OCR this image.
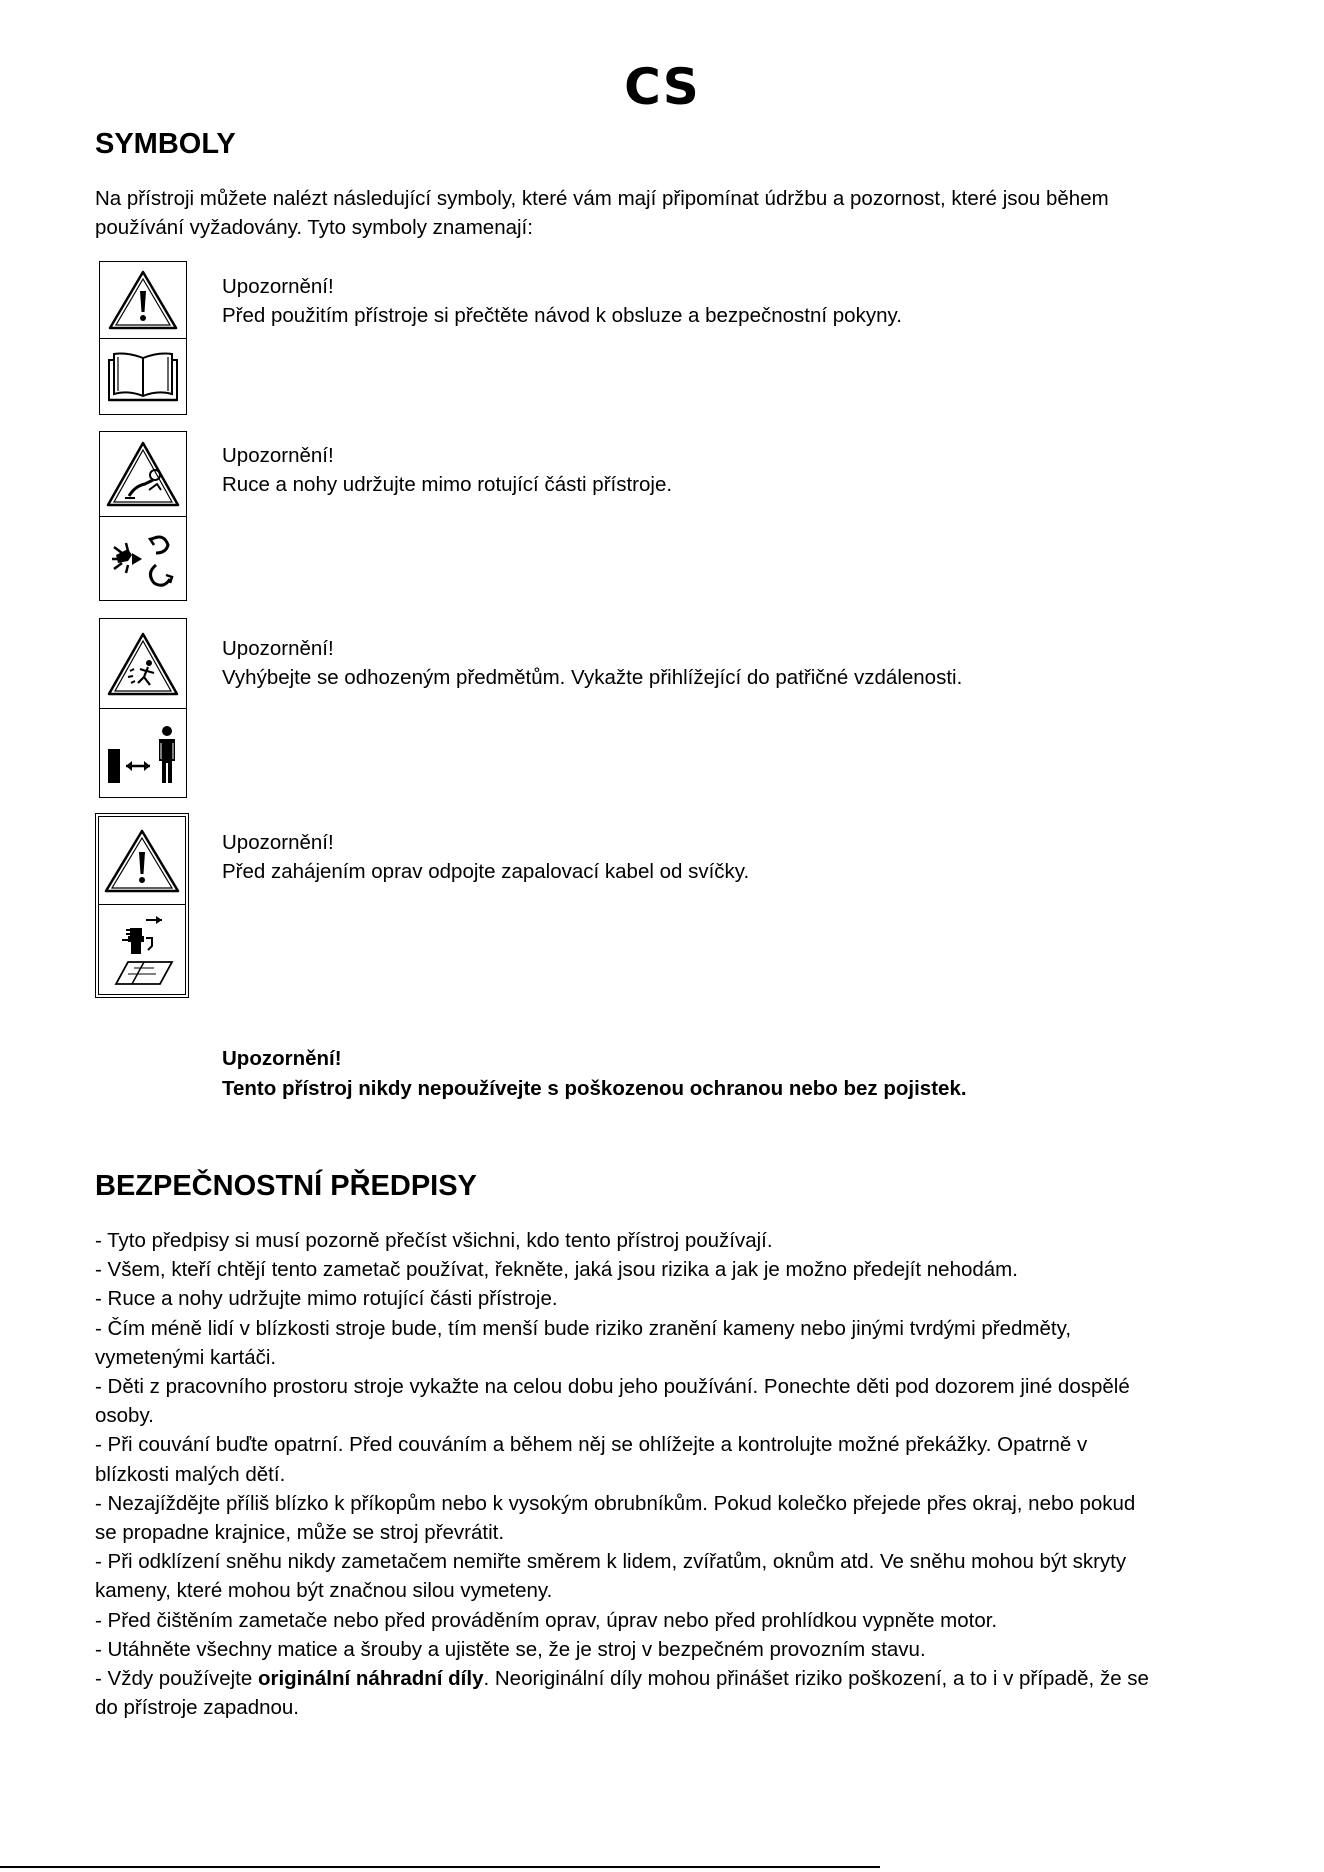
CS
SYMBOLY
Na přístroji můžete nalézt následující symboly, které vám mají připomínat údržbu a pozornost, které jsou během
používání vyžadovány. Tyto symboly znamenají:
Upozornění!
Před použitím přístroje si přečtěte návod k obsluze a bezpečnostní pokyny.
Upozornění!
Ruce a nohy udržujte mimo rotující části přístroje.
Upozornění!
Vyhýbejte se odhozeným předmětům. Vykažte přihlížející do patřičné vzdálenosti.
Upozornění!
Před zahájením oprav odpojte zapalovací kabel od svíčky.
Upozornění!
Tento přístroj nikdy nepoužívejte s poškozenou ochranou nebo bez pojistek.
BEZPEČNOSTNÍ PŘEDPISY
- Tyto předpisy si musí pozorně přečíst všichni, kdo tento přístroj používají.
- Všem, kteří chtějí tento zametač používat, řekněte, jaká jsou rizika a jak je možno předejít nehodám.
- Ruce a nohy udržujte mimo rotující části přístroje.
- Čím méně lidí v blízkosti stroje bude, tím menší bude riziko zranění kameny nebo jinými tvrdými předměty,
vymetenými kartáči.
- Děti z pracovního prostoru stroje vykažte na celou dobu jeho používání. Ponechte děti pod dozorem jiné dospělé
osoby.
- Při couvání buďte opatrní. Před couváním a během něj se ohlížejte a kontrolujte možné překážky. Opatrně v
blízkosti malých dětí.
- Nezajíždějte příliš blízko k příkopům nebo k vysokým obrubníkům. Pokud kolečko přejede přes okraj, nebo pokud
se propadne krajnice, může se stroj převrátit.
- Při odklízení sněhu nikdy zametačem nemiřte směrem k lidem, zvířatům, oknům atd. Ve sněhu mohou být skryty
kameny, které mohou být značnou silou vymeteny.
- Před čištěním zametače nebo před prováděním oprav, úprav nebo před prohlídkou vypněte motor.
- Utáhněte všechny matice a šrouby a ujistěte se, že je stroj v bezpečném provozním stavu.
- Vždy používejte originální náhradní díly. Neoriginální díly mohou přinášet riziko poškození, a to i v případě, že se
do přístroje zapadnou.
